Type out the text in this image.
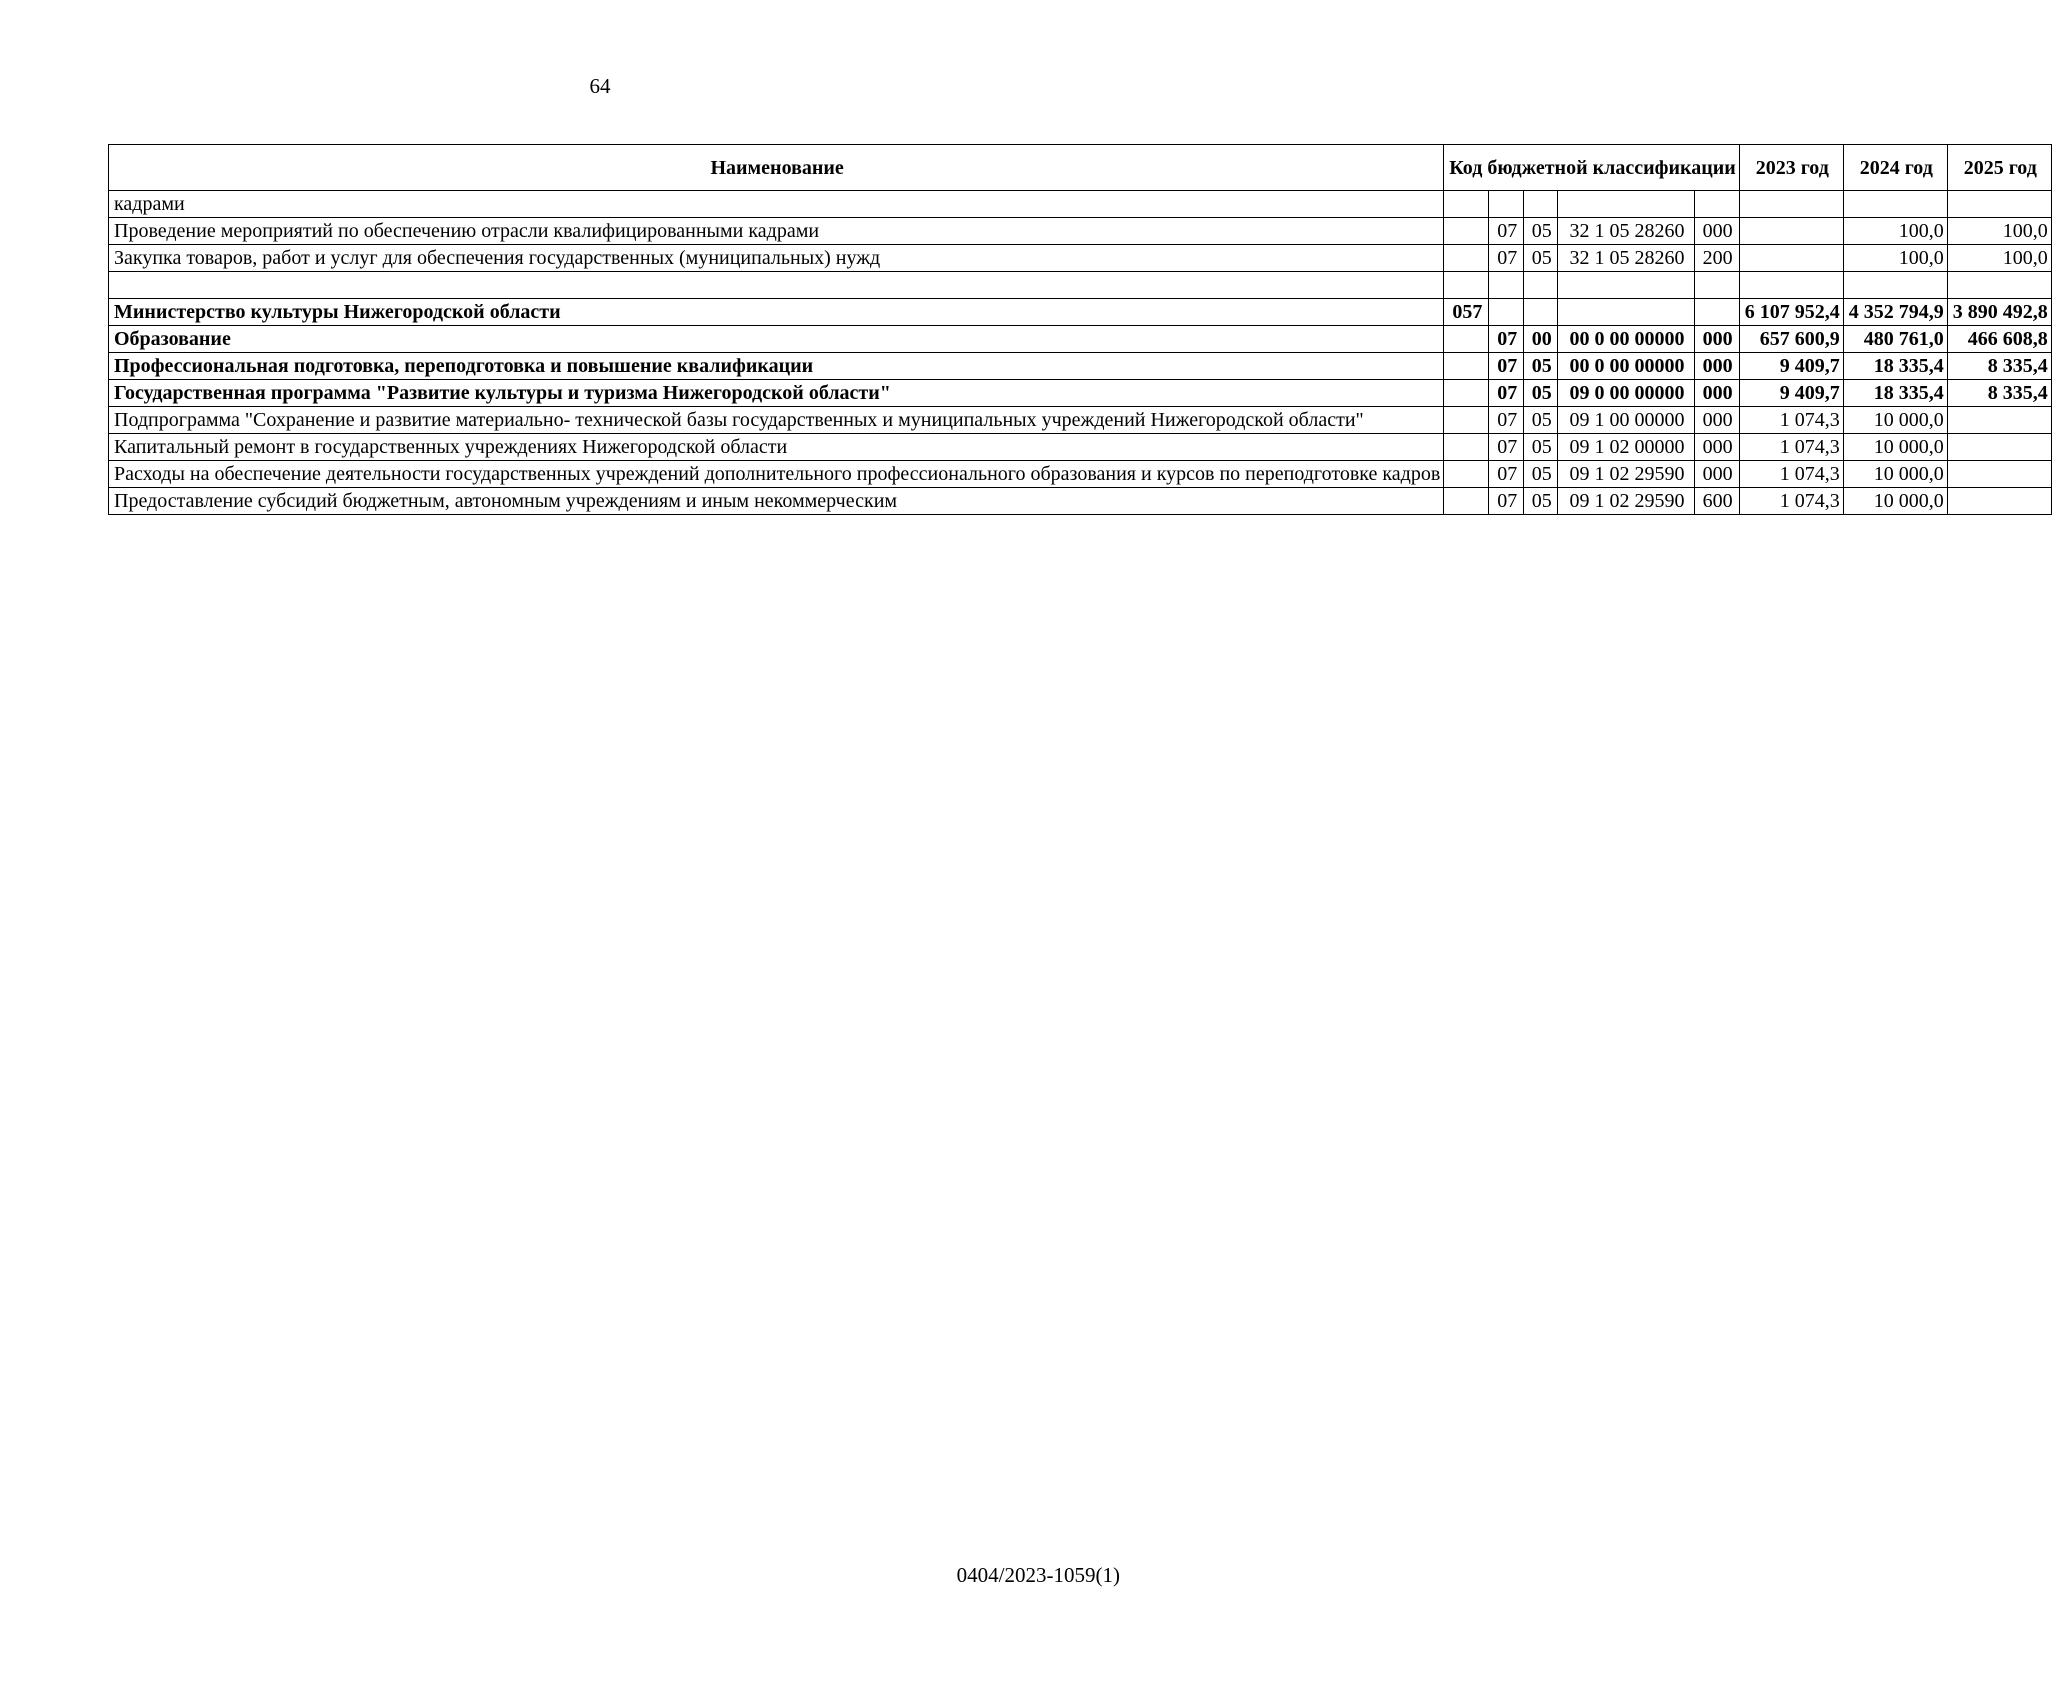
64
Наименование	Код бюджетной классификации					2023 год	2024 год	2025 год
кадрами								
Проведение мероприятий по обеспечению отрасли квалифицированными кадрами		07	05	32 1 05 28260	000		100,0	100,0
Закупка товаров, работ и услуг для обеспечения государственных (муниципальных) нужд		07	05	32 1 05 28260	200		100,0	100,0

Министерство культуры Нижегородской области	057					6 107 952,4	4 352 794,9	3 890 492,8
Образование		07	00	00 0 00 00000	000	657 600,9	480 761,0	466 608,8
Профессиональная подготовка, переподготовка и повышение квалификации		07	05	00 0 00 00000	000	9 409,7	18 335,4	8 335,4
Государственная программа "Развитие культуры и туризма Нижегородской области"		07	05	09 0 00 00000	000	9 409,7	18 335,4	8 335,4
Подпрограмма "Сохранение и развитие материально- технической базы государственных и муниципальных учреждений Нижегородской области"		07	05	09 1 00 00000	000	1 074,3	10 000,0	
Капитальный ремонт в государственных учреждениях Нижегородской области		07	05	09 1 02 00000	000	1 074,3	10 000,0	
Расходы на обеспечение деятельности государственных учреждений дополнительного профессионального образования и курсов по переподготовке кадров		07	05	09 1 02 29590	000	1 074,3	10 000,0	
Предоставление субсидий бюджетным, автономным учреждениям и иным некоммерческим		07	05	09 1 02 29590	600	1 074,3	10 000,0	
0404/2023-1059(1)
